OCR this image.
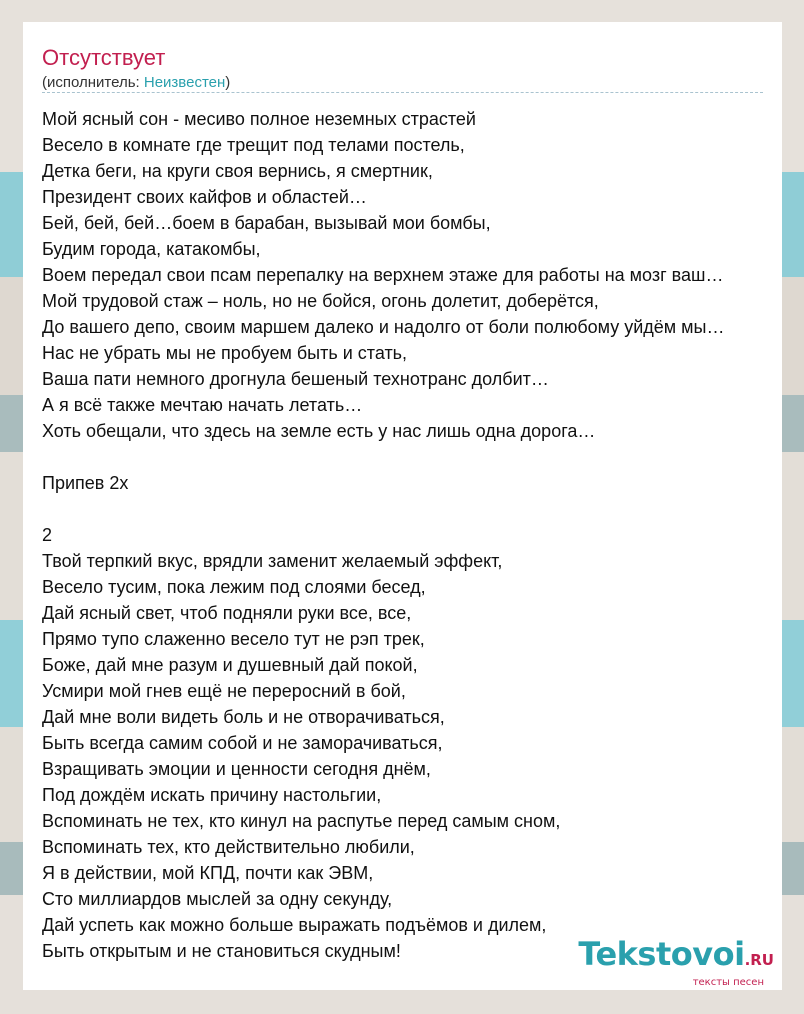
Отсутствует
(исполнитель: Неизвестен)
Мой ясный сон - месиво полное неземных страстей
Весело в комнате где трещит под телами постель,
Детка беги, на круги своя вернись, я смертник,
Президент своих кайфов и областей…
Бей, бей, бей…боем в барабан, вызывай мои бомбы,
Будим города, катакомбы,
Воем передал свои псам перепалку на верхнем этаже для работы на мозг ваш…
Мой трудовой стаж – ноль, но не бойся, огонь долетит, доберётся,
До вашего депо, своим маршем далеко и надолго от боли полюбому уйдём мы…
Нас не убрать мы не пробуем быть и стать,
Ваша пати немного дрогнула бешеный технотранс долбит…
А я всё также мечтаю начать летать…
Хоть обещали, что здесь на земле есть у нас лишь одна дорога…
Припев 2x
2
Твой терпкий вкус, врядли заменит желаемый эффект,
Весело тусим, пока лежим под слоями бесед,
Дай ясный свет, чтоб подняли руки все, все,
Прямо тупо слаженно весело тут не рэп трек,
Боже, дай мне разум и душевный дай покой,
Усмири мой гнев ещё не переросний в бой,
Дай мне воли видеть боль и не отворачиваться,
Быть всегда самим собой и не заморачиваться,
Взращивать эмоции и ценности сегодня днём,
Под дождём искать причину настольгии,
Вспоминать не тех, кто кинул на распутье перед самым сном,
Вспоминать тех, кто действительно любили,
Я в действии, мой КПД, почти как ЭВМ,
Сто миллиардов мыслей за одну секунду,
Дай успеть как можно больше выражать подъёмов и дилем,
Быть открытым и не становиться скудным!	Tekstovoi.RU
тексты песен
